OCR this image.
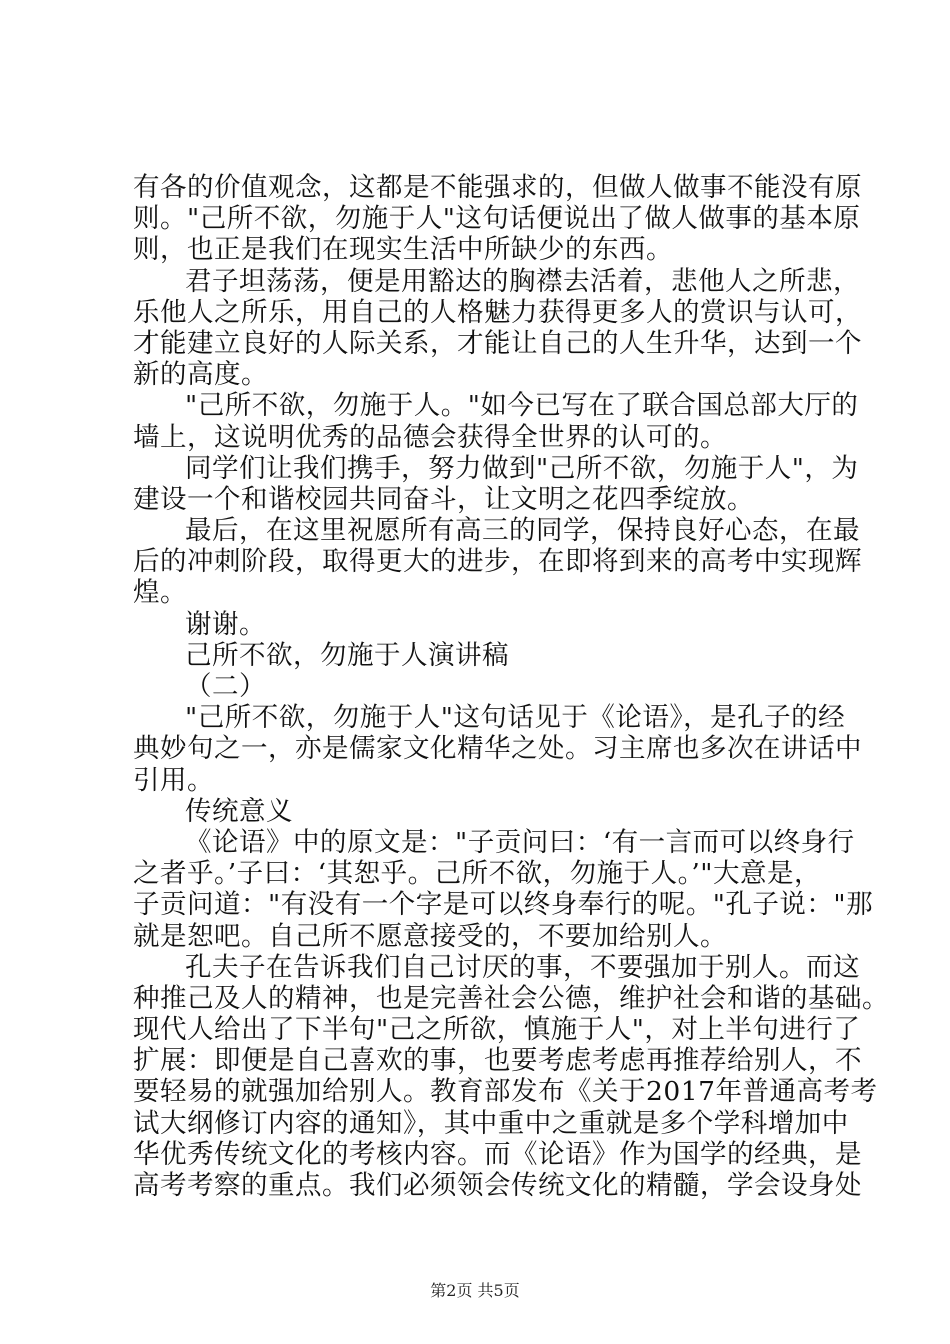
有各的价值观念，这都是不能强求的，但做人做事不能没有原
则。"己所不欲，勿施于人"这句话便说出了做人做事的基本原
则，也正是我们在现实生活中所缺少的东西。
君子坦荡荡，便是用豁达的胸襟去活着，悲他人之所悲，
乐他人之所乐，用自己的人格魅力获得更多人的赏识与认可，
才能建立良好的人际关系，才能让自己的人生升华，达到一个
新的高度。
"己所不欲，勿施于人。"如今已写在了联合国总部大厅的
墙上，这说明优秀的品德会获得全世界的认可的。
同学们让我们携手，努力做到"己所不欲，勿施于人"，为
建设一个和谐校园共同奋斗，让文明之花四季绽放。
最后，在这里祝愿所有高三的同学，保持良好心态，在最
后的冲刺阶段，取得更大的进步，在即将到来的高考中实现辉
煌。
谢谢。
己所不欲，勿施于人演讲稿
（二）
"己所不欲，勿施于人"这句话见于《论语》，是孔子的经
典妙句之一，亦是儒家文化精华之处。习主席也多次在讲话中
引用。
传统意义
《论语》中的原文是："子贡问曰：‘有一言而可以终身行
之者乎。’子曰：‘其恕乎。己所不欲，勿施于人。’"大意是，
子贡问道："有没有一个字是可以终身奉行的呢。"孔子说："那
就是恕吧。自己所不愿意接受的，不要加给别人。
孔夫子在告诉我们自己讨厌的事，不要强加于别人。而这
种推己及人的精神，也是完善社会公德，维护社会和谐的基础。
现代人给出了下半句"己之所欲，慎施于人"，对上半句进行了
扩展：即便是自己喜欢的事，也要考虑考虑再推荐给别人，不
要轻易的就强加给别人。教育部发布《关于2017年普通高考考
试大纲修订内容的通知》，其中重中之重就是多个学科增加中
华优秀传统文化的考核内容。而《论语》作为国学的经典，是
高考考察的重点。我们必须领会传统文化的精髓，学会设身处
第2页 共5页
